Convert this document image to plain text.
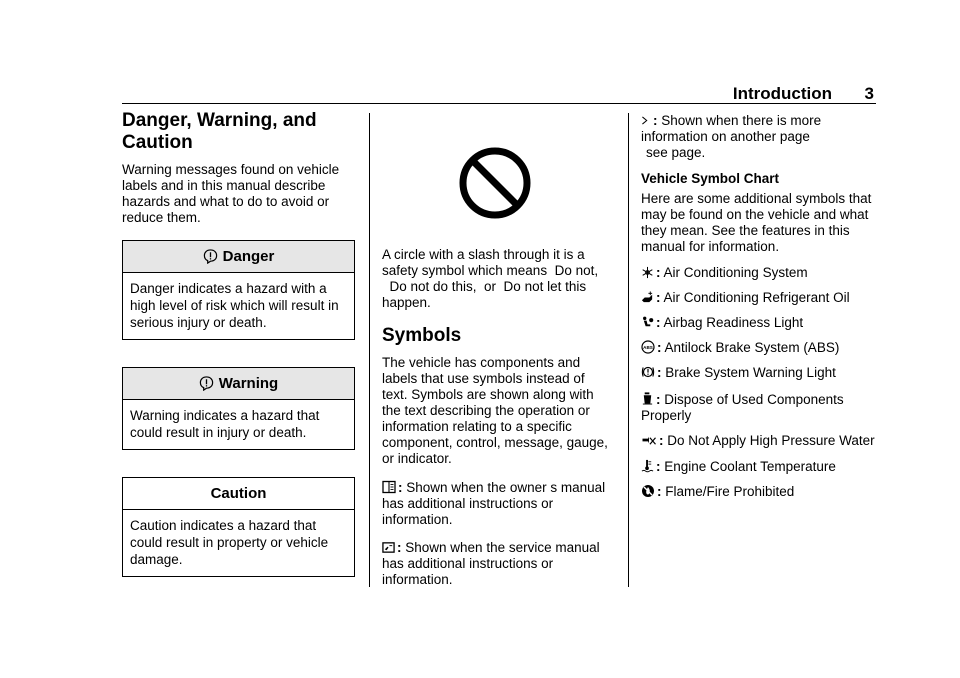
Introduction 3
Danger, Warning, and Caution

Warning messages found on vehicle labels and in this manual describe hazards and what to do to avoid or reduce them.

Danger
Danger indicates a hazard with a high level of risk which will result in serious injury or death.
Warning
Warning indicates a hazard that could result in injury or death.
Caution
Caution indicates a hazard that could result in property or vehicle damage.

A circle with a slash through it is a safety symbol which means  Do not,   Do not do this,  or  Do not let this happen.

Symbols

The vehicle has components and labels that use symbols instead of text. Symbols are shown along with the text describing the operation or information relating to a specific component, control, message, gauge, or indicator.

: Shown when the owner s manual has additional instructions or information.

: Shown when the service manual has additional instructions or information.

: Shown when there is more information on another page
see page.

Vehicle Symbol Chart

Here are some additional symbols that may be found on the vehicle and what they mean. See the features in this manual for information.

: Air Conditioning System

: Air Conditioning Refrigerant Oil

: Airbag Readiness Light

ABS : Antilock Brake System (ABS)

: Brake System Warning Light

: Dispose of Used Components Properly

: Do Not Apply High Pressure Water

: Engine Coolant Temperature

: Flame/Fire Prohibited
